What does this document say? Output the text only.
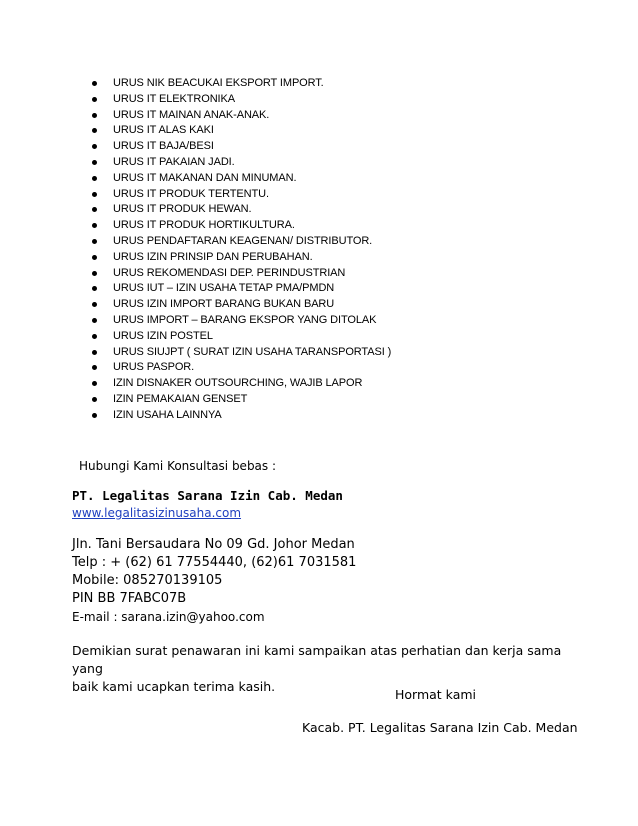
URUS NIK BEACUKAI EKSPORT IMPORT.
URUS IT ELEKTRONIKA
URUS IT MAINAN ANAK-ANAK.
URUS IT ALAS KAKI
URUS IT BAJA/BESI
URUS IT PAKAIAN JADI.
URUS IT MAKANAN DAN MINUMAN.
URUS IT PRODUK TERTENTU.
URUS IT PRODUK HEWAN.
URUS IT PRODUK HORTIKULTURA.
URUS PENDAFTARAN KEAGENAN/ DISTRIBUTOR.
URUS IZIN PRINSIP DAN PERUBAHAN.
URUS REKOMENDASI DEP. PERINDUSTRIAN
URUS IUT – IZIN USAHA TETAP PMA/PMDN
URUS IZIN IMPORT BARANG BUKAN BARU
URUS IMPORT – BARANG EKSPOR YANG DITOLAK
URUS IZIN POSTEL
URUS SIUJPT ( SURAT IZIN USAHA TARANSPORTASI )
URUS PASPOR.
IZIN DISNAKER OUTSOURCHING, WAJIB LAPOR
IZIN PEMAKAIAN GENSET
IZIN USAHA LAINNYA
Hubungi Kami Konsultasi bebas :
PT. Legalitas Sarana Izin Cab. Medan
www.legalitasizinusaha.com
Jln. Tani Bersaudara No 09 Gd. Johor Medan
Telp : + (62) 61 77554440, (62)61 7031581
Mobile: 085270139105
PIN BB 7FABC07B
E-mail : sarana.izin@yahoo.com
Demikian surat penawaran ini kami sampaikan atas perhatian dan kerja sama yang
baik kami ucapkan terima kasih.
Hormat kami
Kacab. PT. Legalitas Sarana Izin Cab. Medan
